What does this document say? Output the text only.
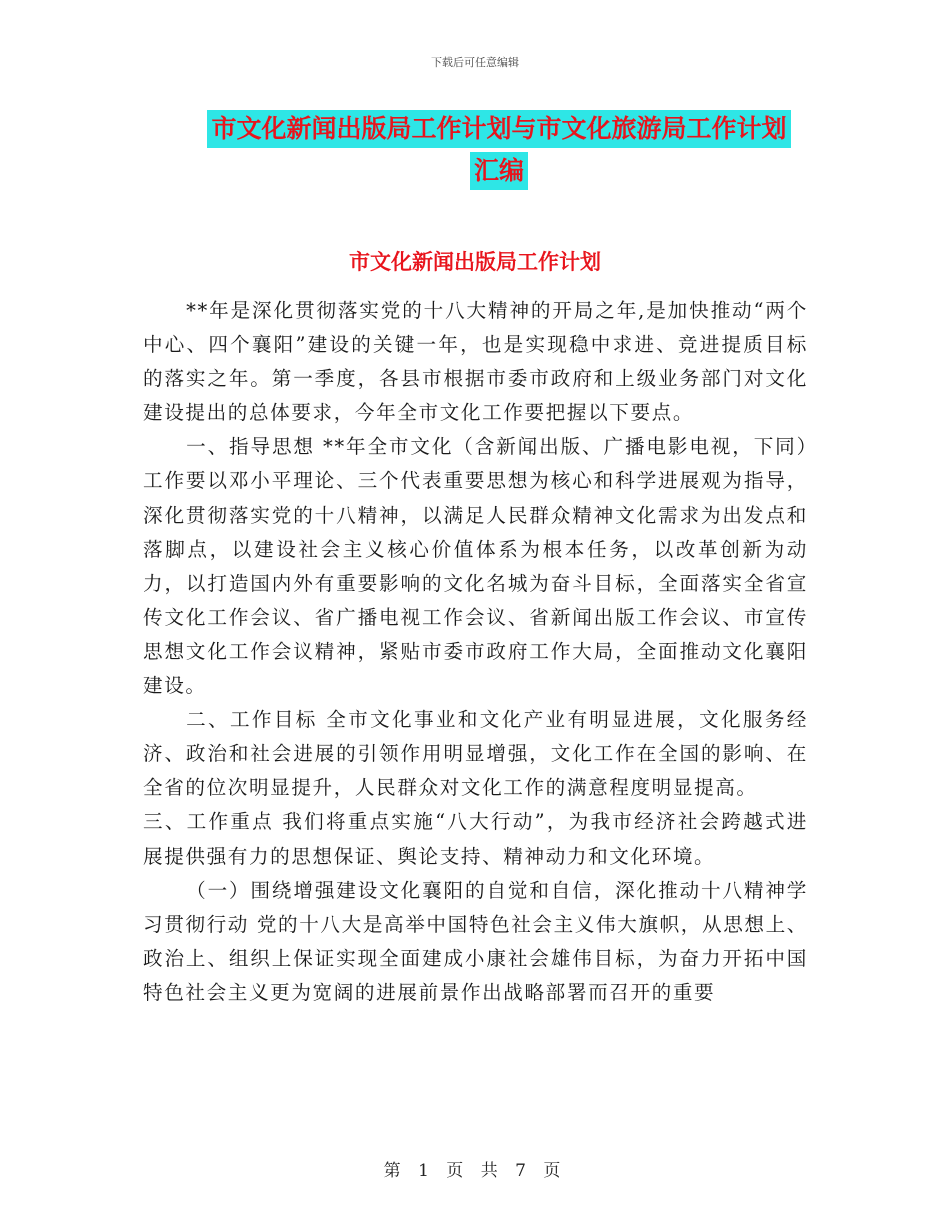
下载后可任意编辑
市文化新闻出版局工作计划与市文化旅游局工作计划
汇编
市文化新闻出版局工作计划

**年是深化贯彻落实党的十八大精神的开局之年,是加快推动“两个中心、四个襄阳”建设的关键一年，也是实现稳中求进、竞进提质目标的落实之年。第一季度，各县市根据市委市政府和上级业务部门对文化建设提出的总体要求，今年全市文化工作要把握以下要点。

一、指导思想 **年全市文化（含新闻出版、广播电影电视，下同）工作要以邓小平理论、三个代表重要思想为核心和科学进展观为指导，深化贯彻落实党的十八精神，以满足人民群众精神文化需求为出发点和落脚点，以建设社会主义核心价值体系为根本任务，以改革创新为动力，以打造国内外有重要影响的文化名城为奋斗目标，全面落实全省宣传文化工作会议、省广播电视工作会议、省新闻出版工作会议、市宣传思想文化工作会议精神，紧贴市委市政府工作大局，全面推动文化襄阳建设。

二、工作目标 全市文化事业和文化产业有明显进展，文化服务经济、政治和社会进展的引领作用明显增强，文化工作在全国的影响、在全省的位次明显提升，人民群众对文化工作的满意程度明显提高。

三、工作重点 我们将重点实施“八大行动”，为我市经济社会跨越式进展提供强有力的思想保证、舆论支持、精神动力和文化环境。

（一）围绕增强建设文化襄阳的自觉和自信，深化推动十八精神学习贯彻行动 党的十八大是高举中国特色社会主义伟大旗帜，从思想上、政治上、组织上保证实现全面建成小康社会雄伟目标，为奋力开拓中国特色社会主义更为宽阔的进展前景作出战略部署而召开的重要

第 1 页 共 7 页
